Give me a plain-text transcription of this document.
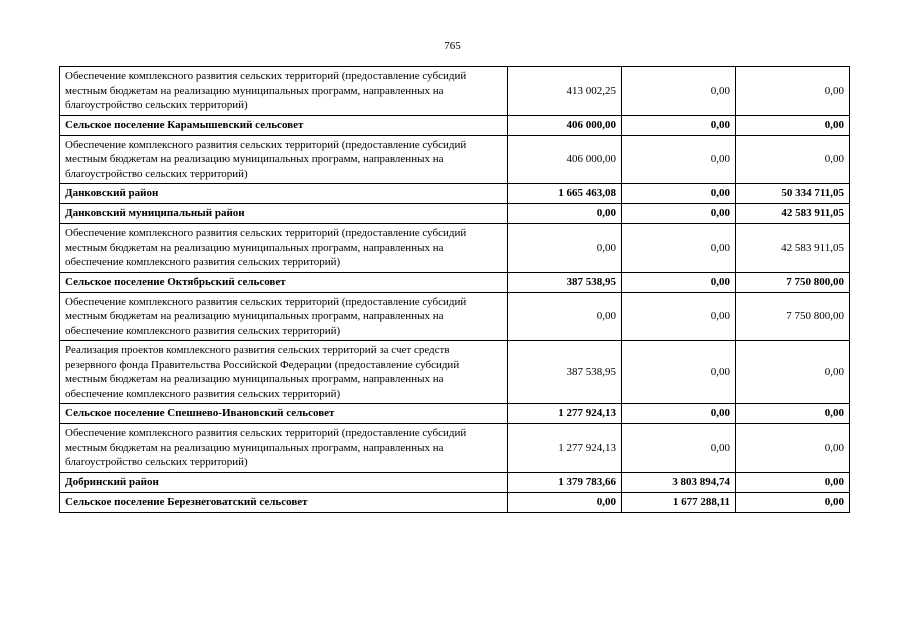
765
Обеспечение комплексного развития сельских территорий (предоставление субсидий местным бюджетам на реализацию муниципальных программ, направленных на благоустройство сельских территорий)	413 002,25	0,00	0,00
Сельское поселение Карамышевский сельсовет	406 000,00	0,00	0,00
Обеспечение комплексного развития сельских территорий (предоставление субсидий местным бюджетам на реализацию муниципальных программ, направленных на благоустройство сельских территорий)	406 000,00	0,00	0,00
Данковский район	1 665 463,08	0,00	50 334 711,05
Данковский муниципальный район	0,00	0,00	42 583 911,05
Обеспечение комплексного развития сельских территорий (предоставление субсидий местным бюджетам на реализацию муниципальных программ, направленных на обеспечение комплексного развития сельских территорий)	0,00	0,00	42 583 911,05
Сельское поселение Октябрьский сельсовет	387 538,95	0,00	7 750 800,00
Обеспечение комплексного развития сельских территорий (предоставление субсидий местным бюджетам на реализацию муниципальных программ, направленных на обеспечение комплексного развития сельских территорий)	0,00	0,00	7 750 800,00
Реализация проектов комплексного развития сельских территорий за счет средств резервного фонда Правительства Российской Федерации (предоставление субсидий местным бюджетам на реализацию муниципальных программ, направленных на обеспечение комплексного развития сельских территорий)	387 538,95	0,00	0,00
Сельское поселение Спешнево-Ивановский сельсовет	1 277 924,13	0,00	0,00
Обеспечение комплексного развития сельских территорий (предоставление субсидий местным бюджетам на реализацию муниципальных программ, направленных на благоустройство сельских территорий)	1 277 924,13	0,00	0,00
Добринский район	1 379 783,66	3 803 894,74	0,00
Сельское поселение Березнеговатский сельсовет	0,00	1 677 288,11	0,00
